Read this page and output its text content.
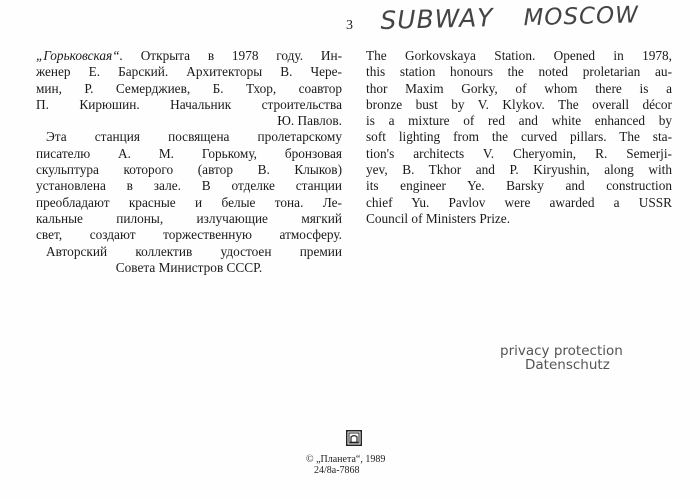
3 SUBWAY MOSCOW
„Горьковская“. Открыта в 1978 году. Ин-
женер Е. Барский. Архитекторы В. Чере-
мин, Р. Семерджиев, Б. Тхор, соавтор
П. Кирюшин. Начальник строительства
Ю. Павлов.
Эта станция посвящена пролетарскому
писателю А. М. Горькому, бронзовая
скульптура которого (автор В. Клыков)
установлена в зале. В отделке станции
преобладают красные и белые тона. Ле-
кальные пилоны, излучающие мягкий
свет, создают торжественную атмосферу.
Авторский коллектив удостоен премии
Совета Министров СССР.
The Gorkovskaya Station. Opened in 1978,
this station honours the noted proletarian au-
thor Maxim Gorky, of whom there is a
bronze bust by V. Klykov. The overall décor
is a mixture of red and white enhanced by
soft lighting from the curved pillars. The sta-
tion's architects V. Cheryomin, R. Semerji-
yev, B. Tkhor and P. Kiryushin, along with
its engineer Ye. Barsky and construction
chief Yu. Pavlov were awarded a USSR
Council of Ministers Prize.
privacy protection
Datenschutz
© „Планета“, 1989
24/8а-7868
